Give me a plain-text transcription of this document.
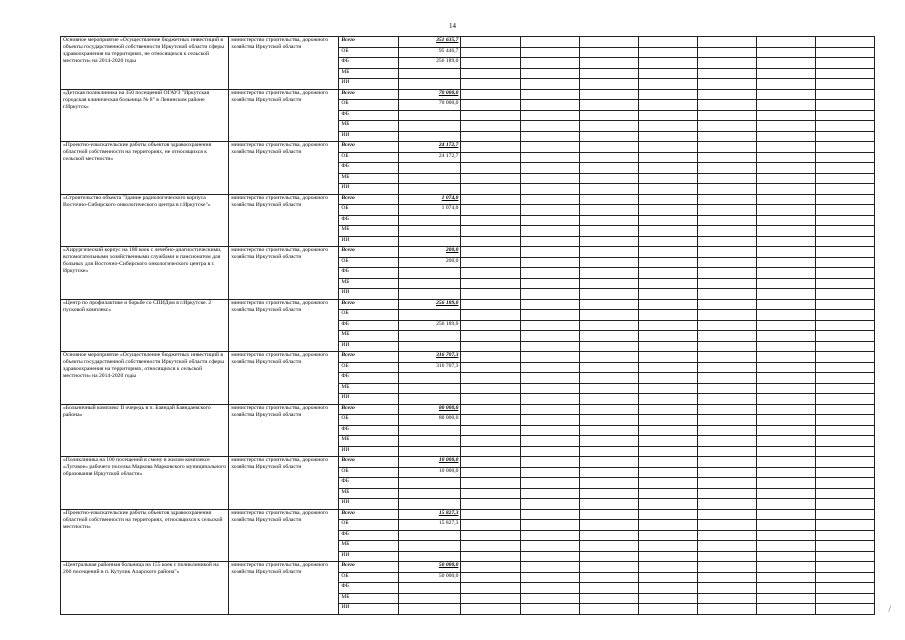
14
Основное мероприятие «Осуществление бюджетных инвестиций в объекты государственной собственности Иркутской области сферы здравоохранения на территориях, не относящихся к сельской местности» на 2014-2020 годы	министерство строительства, дорожного хозяйства Иркутской области	Всего	351 635,7							
		ОБ	95 446,7							
		ФБ	256 189,0							
		МБ								
		ИИ								
«Детская поликлиника на 350 посещений ОГАУЗ "Иркутская городская клиническая больница № 8" в Ленинском районе г.Иркутск»	министерство строительства, дорожного хозяйства Иркутской области	Всего	70 000,0							
		ОБ	70 000,0							
		ФБ								
		МБ								
		ИИ								
«Проектно-изыскательские работы объектов здравоохранения областной собственности на территориях, не относящихся к сельской местности»	министерство строительства, дорожного хозяйства Иркутской области	Всего	24 172,7							
		ОБ	24 172,7							
		ФБ								
		МБ								
		ИИ								
«Строительство объекта "Здание радиологического корпуса Восточно-Сибирского онкологического центра в г.Иркутске"»	министерство строительства, дорожного хозяйства Иркутской области	Всего	1 074,0							
		ОБ	1 074,0							
		ФБ								
		МБ								
		ИИ								
«Хирургический корпус на 180 коек с лечебно-диагностическими, вспомогательными хозяйственными службами и пансионатом для больных для Восточно-Сибирского онкологического центра в г. Иркутске»	министерство строительства, дорожного хозяйства Иркутской области	Всего	200,0							
		ОБ	200,0							
		ФБ								
		МБ								
		ИИ								
«Центр по профилактике и борьбе со СПИДом в г.Иркутске. 2 пусковой комплекс»	министерство строительства, дорожного хозяйства Иркутской области	Всего	256 189,0							
		ОБ								
		ФБ	256 189,0							
		МБ								
		ИИ								
Основное мероприятие «Осуществление бюджетных инвестиций в объекты государственной собственности Иркутской области сферы здравоохранения на территориях, относящихся к сельской местности» на 2014-2020 годы	министерство строительства, дорожного хозяйства Иркутской области	Всего	316 707,3							
		ОБ	316 707,3							
		ФБ								
		МБ								
		ИИ								
«Больничный комплекс II очередь в п. Баяндай Баяндаевского района»	министерство строительства, дорожного хозяйства Иркутской области	Всего	80 000,0							
		ОБ	80 000,0							
		ФБ								
		МБ								
		ИИ								
«Поликлиника на 100 посещений в смену в жилом комплексе «Луговое» рабочего поселка Маркова Марковского муниципального образования Иркутской области»	министерство строительства, дорожного хозяйства Иркутской области	Всего	10 000,0							
		ОБ	10 000,0							
		ФБ								
		МБ								
		ИИ								
«Проектно-изыскательские работы объектов здравоохранения областной собственности на территориях, относящихся к сельской местности»	министерство строительства, дорожного хозяйства Иркутской области	Всего	15 827,3							
		ОБ	15 827,3							
		ФБ								
		МБ								
		ИИ								
«Центральная районная больница на 155 коек с поликлиникой на 200 посещений в п. Кутулик Аларского района"»	министерство строительства, дорожного хозяйства Иркутской области	Всего	50 000,0							
		ОБ	50 000,0							
		ФБ								
		МБ								
		ИИ									/
